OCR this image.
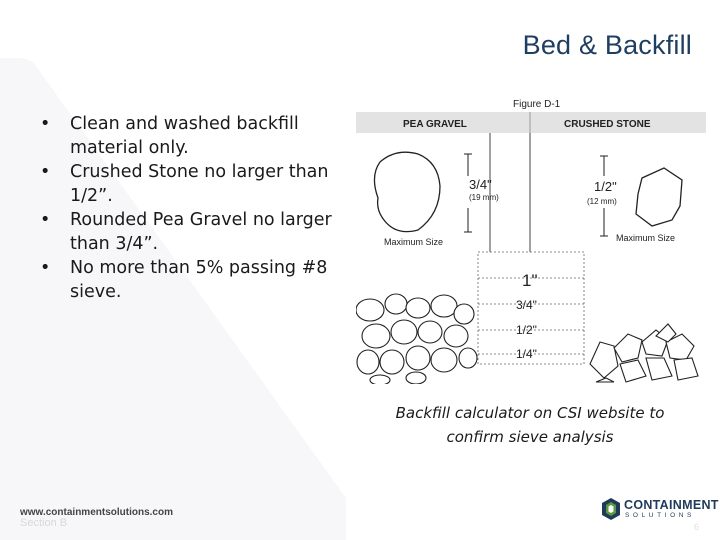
Bed & Backfill
• Clean and washed backfill material only.
• Crushed Stone no larger than 1/2”.
• Rounded Pea Gravel no larger than 3/4”.
• No more than 5% passing #8 sieve.
Figure D-1
PEA GRAVEL	CRUSHED STONE
3/4"
(19 mm)
Maximum Size
1/2"
(12 mm)
Maximum Size
1"
3/4"
1/2"
1/4"
Backfill calculator on CSI website to confirm sieve analysis
www.containmentsolutions.com
Section B
CONTAINMENT
SOLUTIONS
6
